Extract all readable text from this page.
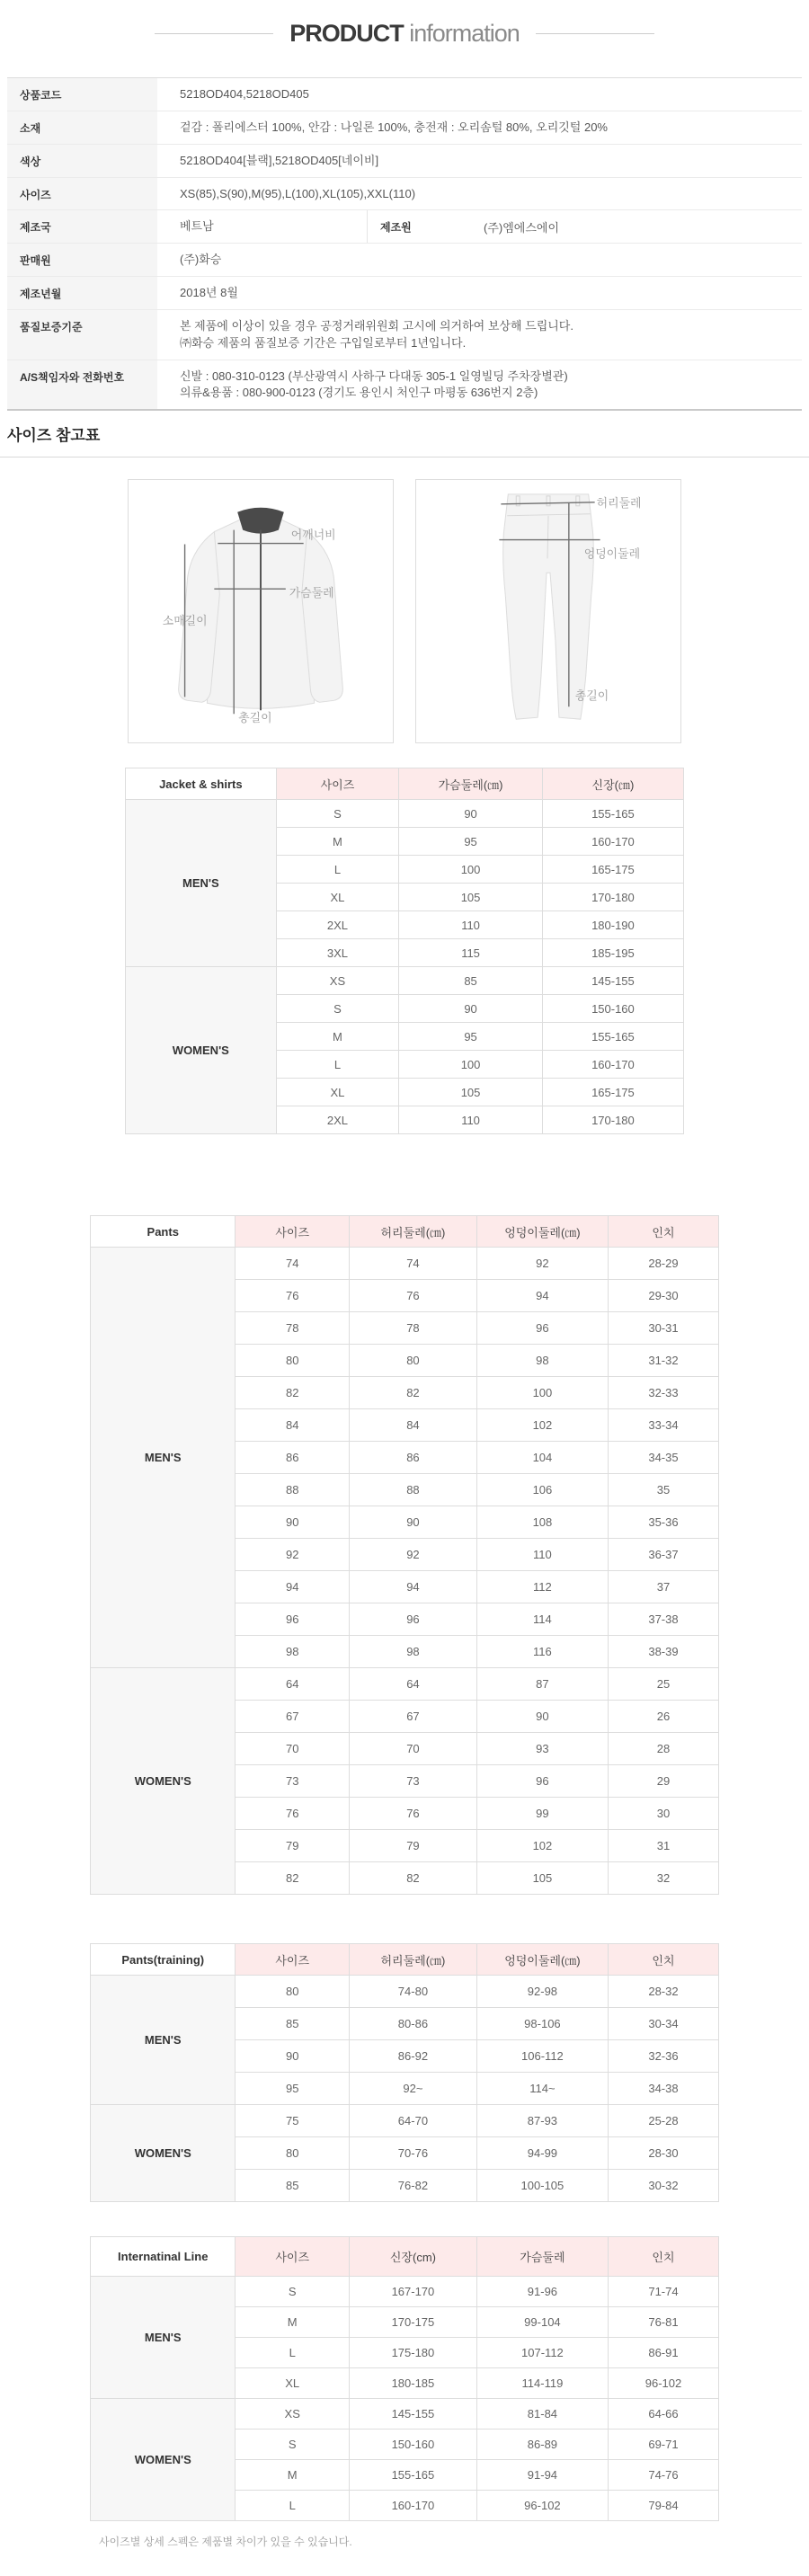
PRODUCT information
상품코드	5218OD404,5218OD405
소재	겉감 : 폴리에스터 100%, 안감 : 나일론 100%, 충전재 : 오리솜털 80%, 오리깃털 20%
색상	5218OD404[블랙],5218OD405[네이비]
사이즈	XS(85),S(90),M(95),L(100),XL(105),XXL(110)
제조국	베트남	제조원	(주)엠에스에이
판매원	(주)화승
제조년월	2018년 8월
품질보증기준	본 제품에 이상이 있을 경우 공정거래위원회 고시에 의거하여 보상해 드립니다.
㈜화승 제품의 품질보증 기간은 구입일로부터 1년입니다.
A/S책임자와 전화번호	신발 : 080-310-0123 (부산광역시 사하구 다대동 305-1 일영빌딩 주차장별관)
의류&용품 : 080-900-0123 (경기도 용인시 처인구 마평동 636번지 2층)
사이즈 참고표
어깨너비
가슴둘레
소매길이
총길이
허리둘레
엉덩이둘레
총길이
Jacket & shirts	사이즈	가슴둘레(㎝)	신장(㎝)
MEN'S	S	90	155-165
	M	95	160-170
	L	100	165-175
	XL	105	170-180
	2XL	110	180-190
	3XL	115	185-195
WOMEN'S	XS	85	145-155
	S	90	150-160
	M	95	155-165
	L	100	160-170
	XL	105	165-175
	2XL	110	170-180
Pants	사이즈	허리둘레(㎝)	엉덩이둘레(㎝)	인치
MEN'S	74	74	92	28-29
	76	76	94	29-30
	78	78	96	30-31
	80	80	98	31-32
	82	82	100	32-33
	84	84	102	33-34
	86	86	104	34-35
	88	88	106	35
	90	90	108	35-36
	92	92	110	36-37
	94	94	112	37
	96	96	114	37-38
	98	98	116	38-39
WOMEN'S	64	64	87	25
	67	67	90	26
	70	70	93	28
	73	73	96	29
	76	76	99	30
	79	79	102	31
	82	82	105	32
Pants(training)	사이즈	허리둘레(㎝)	엉덩이둘레(㎝)	인치
MEN'S	80	74-80	92-98	28-32
	85	80-86	98-106	30-34
	90	86-92	106-112	32-36
	95	92~	114~	34-38
WOMEN'S	75	64-70	87-93	25-28
	80	70-76	94-99	28-30
	85	76-82	100-105	30-32
Internatinal Line	사이즈	신장(cm)	가슴둘레	인치
MEN'S	S	167-170	91-96	71-74
	M	170-175	99-104	76-81
	L	175-180	107-112	86-91
	XL	180-185	114-119	96-102
WOMEN'S	XS	145-155	81-84	64-66
	S	150-160	86-89	69-71
	M	155-165	91-94	74-76
	L	160-170	96-102	79-84
사이즈별 상세 스펙은 제품별 차이가 있을 수 있습니다.
